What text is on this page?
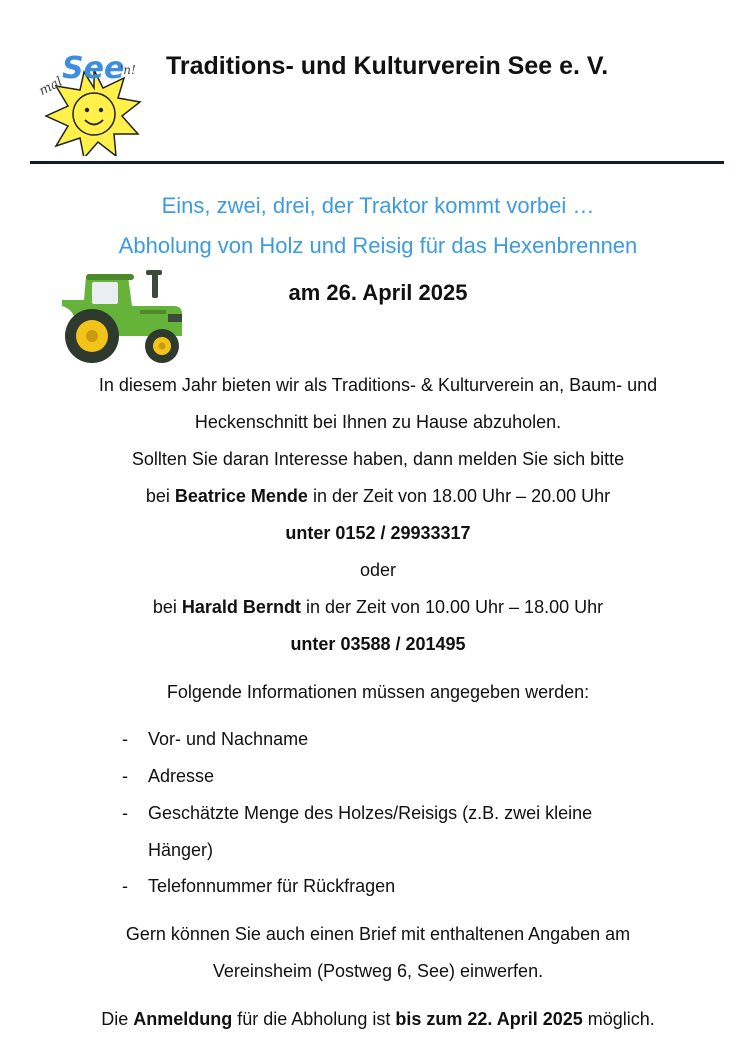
mal
See
'n! Traditions- und Kulturverein See e. V.
Eins, zwei, drei, der Traktor kommt vorbei …
Abholung von Holz und Reisig für das Hexenbrennen
am 26. April 2025
In diesem Jahr bieten wir als Traditions- & Kulturverein an, Baum- und
Heckenschnitt bei Ihnen zu Hause abzuholen.
Sollten Sie daran Interesse haben, dann melden Sie sich bitte
bei Beatrice Mende in der Zeit von 18.00 Uhr – 20.00 Uhr
unter 0152 / 29933317
oder
bei Harald Berndt in der Zeit von 10.00 Uhr – 18.00 Uhr
unter 03588 / 201495
Folgende Informationen müssen angegeben werden:
- Vor- und Nachname
- Adresse
- Geschätzte Menge des Holzes/Reisigs (z.B. zwei kleine
Hänger)
- Telefonnummer für Rückfragen
Gern können Sie auch einen Brief mit enthaltenen Angaben am
Vereinsheim (Postweg 6, See) einwerfen.
Die Anmeldung für die Abholung ist bis zum 22. April 2025 möglich.
